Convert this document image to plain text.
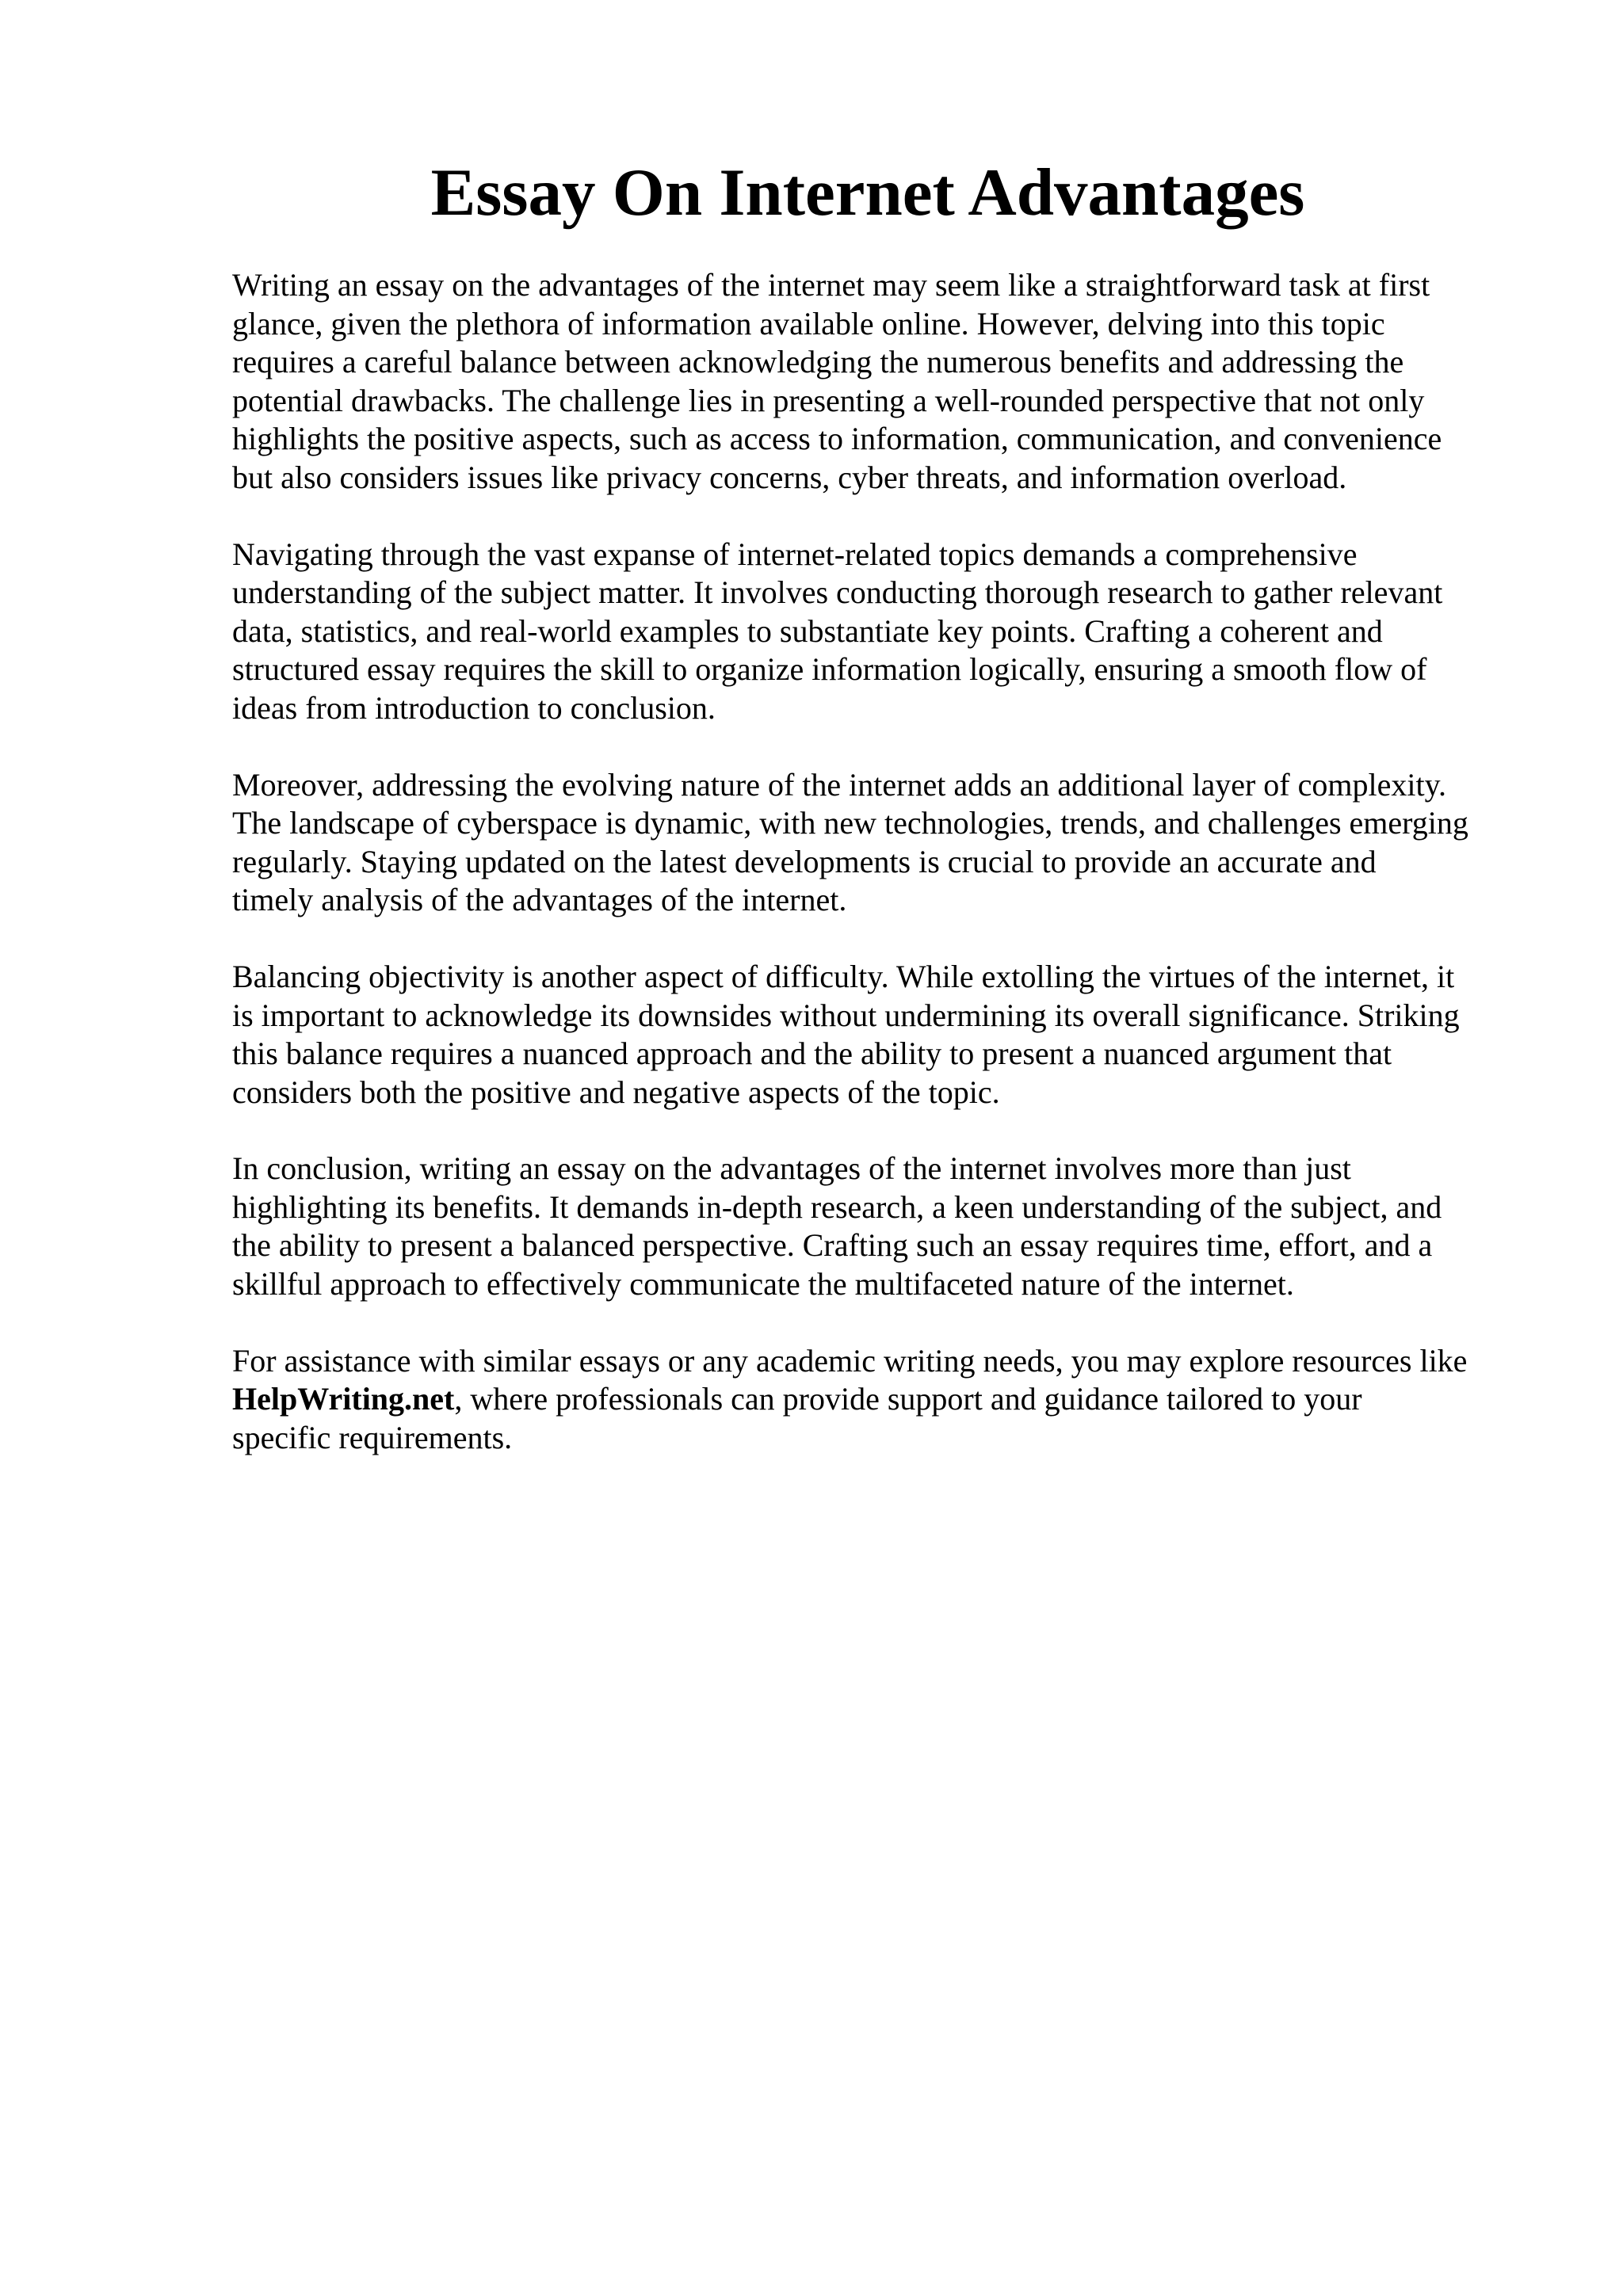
Essay On Internet Advantages

Writing an essay on the advantages of the internet may seem like a straightforward task at first
glance, given the plethora of information available online. However, delving into this topic
requires a careful balance between acknowledging the numerous benefits and addressing the
potential drawbacks. The challenge lies in presenting a well-rounded perspective that not only
highlights the positive aspects, such as access to information, communication, and convenience
but also considers issues like privacy concerns, cyber threats, and information overload.

Navigating through the vast expanse of internet-related topics demands a comprehensive
understanding of the subject matter. It involves conducting thorough research to gather relevant
data, statistics, and real-world examples to substantiate key points. Crafting a coherent and
structured essay requires the skill to organize information logically, ensuring a smooth flow of
ideas from introduction to conclusion.

Moreover, addressing the evolving nature of the internet adds an additional layer of complexity.
The landscape of cyberspace is dynamic, with new technologies, trends, and challenges emerging
regularly. Staying updated on the latest developments is crucial to provide an accurate and
timely analysis of the advantages of the internet.

Balancing objectivity is another aspect of difficulty. While extolling the virtues of the internet, it
is important to acknowledge its downsides without undermining its overall significance. Striking
this balance requires a nuanced approach and the ability to present a nuanced argument that
considers both the positive and negative aspects of the topic.

In conclusion, writing an essay on the advantages of the internet involves more than just
highlighting its benefits. It demands in-depth research, a keen understanding of the subject, and
the ability to present a balanced perspective. Crafting such an essay requires time, effort, and a
skillful approach to effectively communicate the multifaceted nature of the internet.

For assistance with similar essays or any academic writing needs, you may explore resources like
HelpWriting.net, where professionals can provide support and guidance tailored to your
specific requirements.
